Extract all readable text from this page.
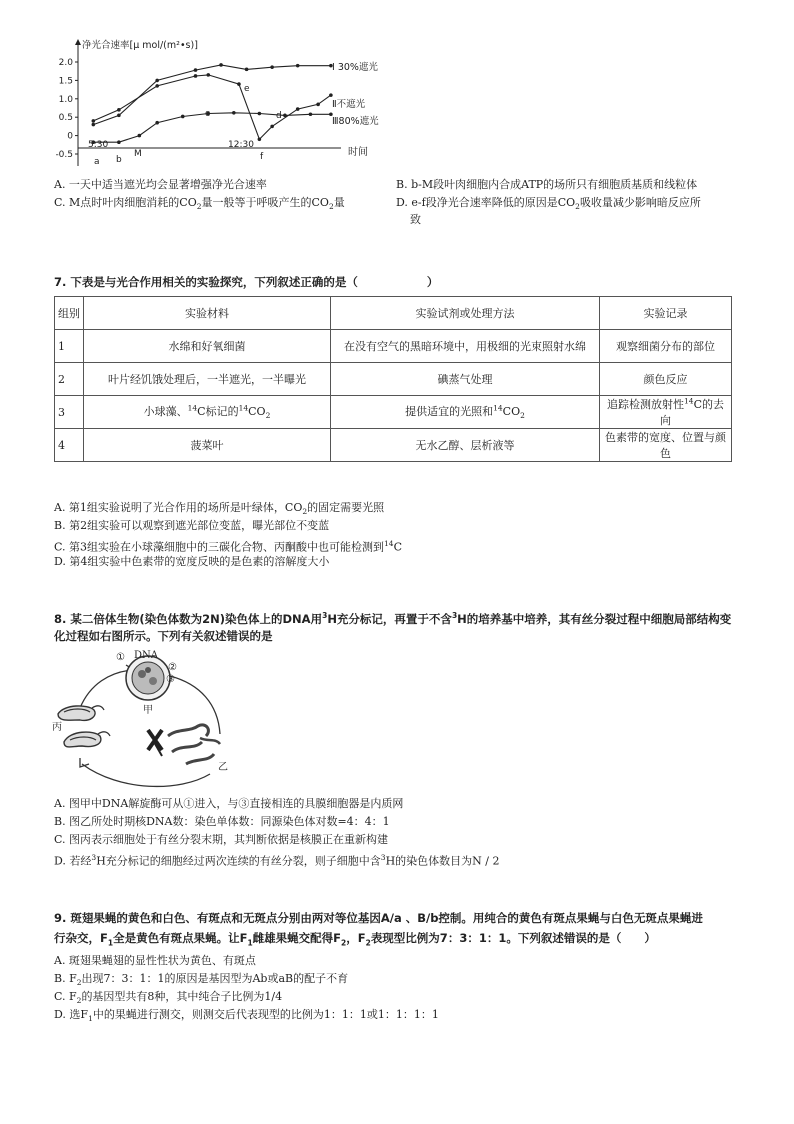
净光合速率[μ mol/(m²•s)]
时间
2.0
1.5
1.0
0.5
0
-0.5
5:30	12:30
a b
M
c	d
e
f
Ⅰ 30%遮光
Ⅱ不遮光
Ⅲ80%遮光
A. 一天中适当遮光均会显著增强净光合速率	B. b-M段叶肉细胞内合成ATP的场所只有细胞质基质和线粒体
C. M点时叶肉细胞消耗的$CO_2$量一般等于呼吸产生的$CO_2$量	D. e-f段净光合速率降低的原因是$CO_2$吸收量减少影响暗反应所
致
7. 下表是与光合作用相关的实验探究，下列叙述正确的是（　　　　　　）
组别	实验材料	实验试剂或处理方法	实验记录
1	水绵和好氧细菌	在没有空气的黑暗环境中，用极细的光束照射水绵	观察细菌分布的部位
2	叶片经饥饿处理后，一半遮光，一半曝光	碘蒸气处理	颜色反应
3	小球藻、$^{14}$C标记的$^{14}CO_2$	提供适宜的光照和$^{14}CO_2$	追踪检测放射性$^{14}$C的去向
4	菠菜叶	无水乙醇、层析液等	色素带的宽度、位置与颜色
A. 第1组实验说明了光合作用的场所是叶绿体，$CO_2$的固定需要光照
B. 第2组实验可以观察到遮光部位变蓝，曝光部位不变蓝
C. 第3组实验在小球藻细胞中的三碳化合物、丙酮酸中也可能检测到$^{14}$C
D. 第4组实验中色素带的宽度反映的是色素的溶解度大小
8. 某二倍体生物(染色体数为2N)染色体上的DNA用$^3$H充分标记，再置于不含$^3$H的培养基中培养，其有丝分裂过程中细胞局部结构变
化过程如右图所示。下列有关叙述错误的是
① DNA
②
③
甲
丙
乙
A. 图甲中DNA解旋酶可从①进入，与③直接相连的具膜细胞器是内质网
B. 图乙所处时期核DNA数：染色单体数：同源染色体对数=4：4：1
C. 图丙表示细胞处于有丝分裂末期，其判断依据是核膜正在重新构建
D. 若经$^3$H充分标记的细胞经过两次连续的有丝分裂，则子细胞中含$^3$H的染色体数目为N / 2
9. 斑翅果蝇的黄色和白色、有斑点和无斑点分别由两对等位基因A/a 、B/b控制。用纯合的黄色有斑点果蝇与白色无斑点果蝇进
行杂交，$F_1$全是黄色有斑点果蝇。让$F_1$雌雄果蝇交配得$F_2$，$F_2$表现型比例为7：3：1：1。下列叙述错误的是（　　）
A. 斑翅果蝇翅的显性性状为黄色、有斑点
B. $F_2$出现7：3：1：1的原因是基因型为Ab或aB的配子不育
C. $F_2$的基因型共有8种，其中纯合子比例为1/4
D. 选$F_1$中的果蝇进行测交，则测交后代表现型的比例为1：1：1或1：1：1：1
